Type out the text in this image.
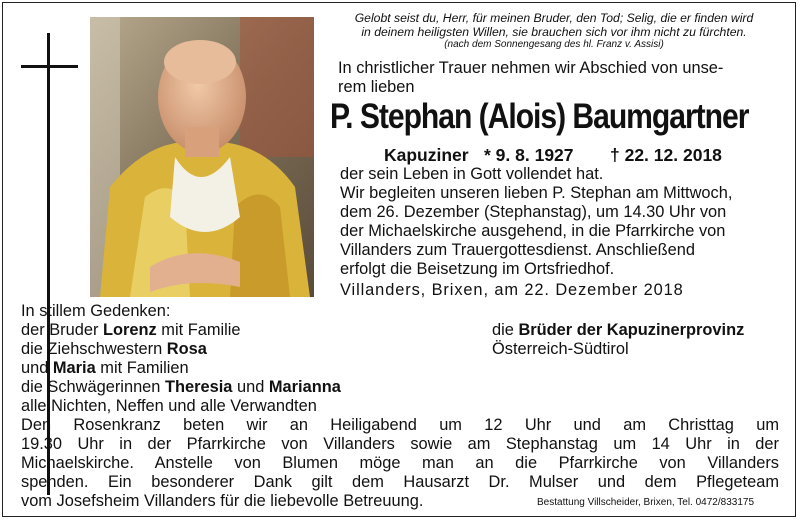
Gelobt seist du, Herr, für meinen Bruder, den Tod; Selig, die er finden wird
in deinem heiligsten Willen, sie brauchen sich vor ihm nicht zu fürchten.
(nach dem Sonnengesang des hl. Franz v. Assisi)
In christlicher Trauer nehmen wir Abschied von unse-
rem lieben
P. Stephan (Alois) Baumgartner
Kapuziner * 9. 8. 1927 † 22. 12. 2018
der sein Leben in Gott vollendet hat.
Wir begleiten unseren lieben P. Stephan am Mittwoch,
dem 26. Dezember (Stephanstag), um 14.30 Uhr von
der Michaelskirche ausgehend, in die Pfarrkirche von
Villanders zum Trauergottesdienst. Anschließend
erfolgt die Beisetzung im Ortsfriedhof.
Villanders, Brixen, am 22. Dezember 2018
In stillem Gedenken:
der Bruder Lorenz mit Familie
die Ziehschwestern Rosa
und Maria mit Familien
die Schwägerinnen Theresia und Marianna
alle Nichten, Neffen und alle Verwandten
die Brüder der Kapuzinerprovinz
Österreich-Südtirol
Den Rosenkranz beten wir an Heiligabend um 12 Uhr und am Christtag um
19.30 Uhr in der Pfarrkirche von Villanders sowie am Stephanstag um 14 Uhr in der
Michaelskirche. Anstelle von Blumen möge man an die Pfarrkirche von Villanders
spenden. Ein besonderer Dank gilt dem Hausarzt Dr. Mulser und dem Pflegeteam
vom Josefsheim Villanders für die liebevolle Betreuung.	Bestattung Villscheider, Brixen, Tel. 0472/833175
